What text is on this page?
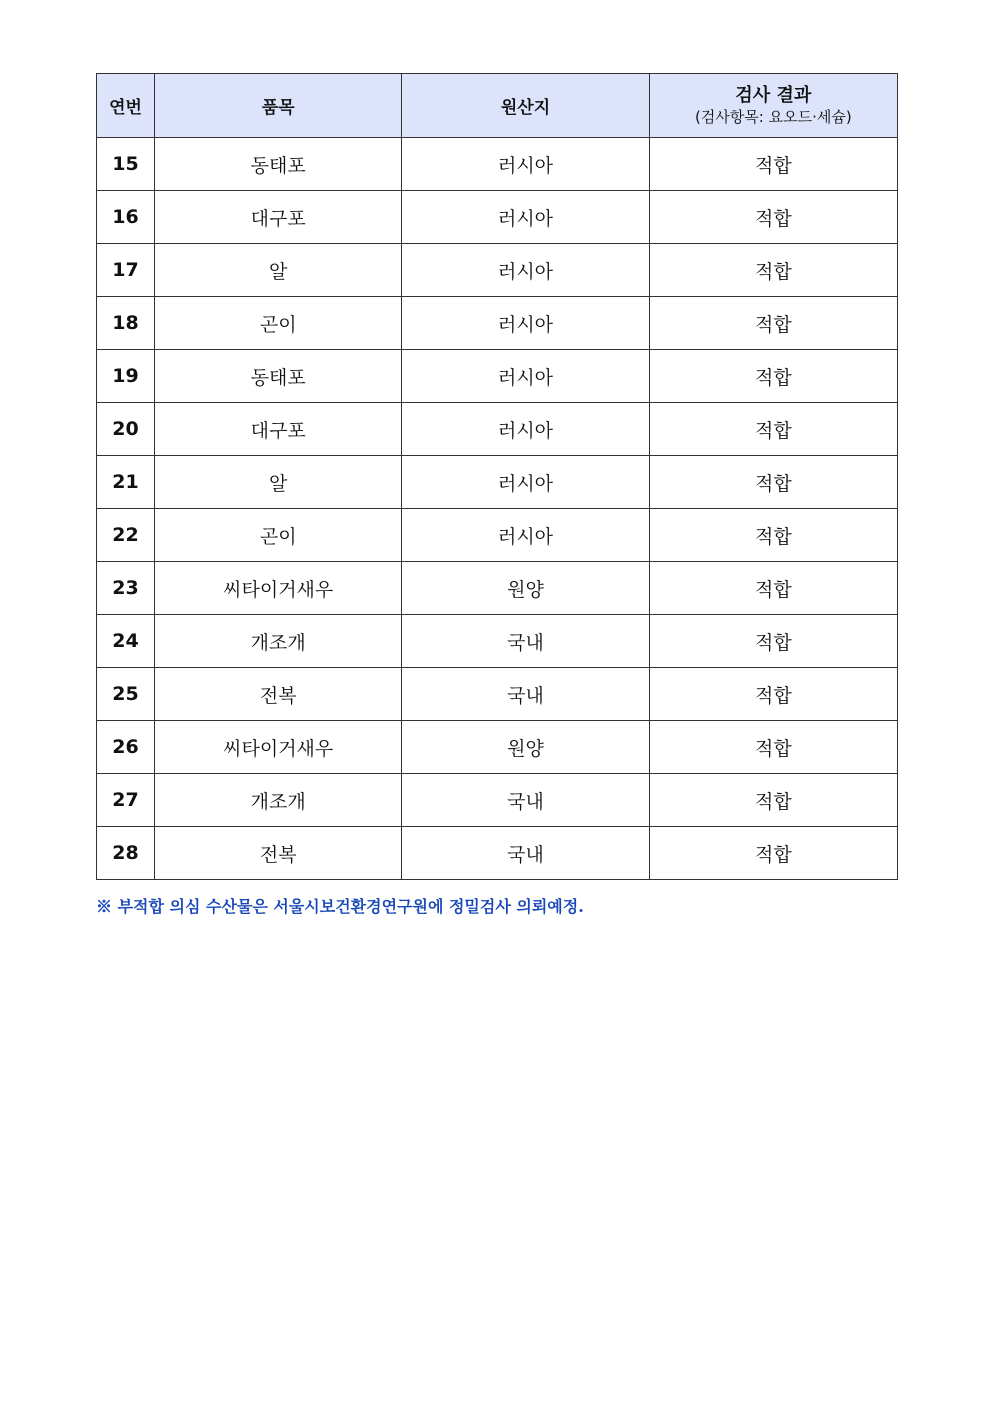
연번	품목	원산지	검사 결과
(검사항목: 요오드·세슘)

15	동태포	러시아	적합
16	대구포	러시아	적합
17	알	러시아	적합
18	곤이	러시아	적합
19	동태포	러시아	적합
20	대구포	러시아	적합
21	알	러시아	적합
22	곤이	러시아	적합
23	씨타이거새우	원양	적합
24	개조개	국내	적합
25	전복	국내	적합
26	씨타이거새우	원양	적합
27	개조개	국내	적합
28	전복	국내	적합
※ 부적합 의심 수산물은 서울시보건환경연구원에 정밀검사 의뢰예정.
